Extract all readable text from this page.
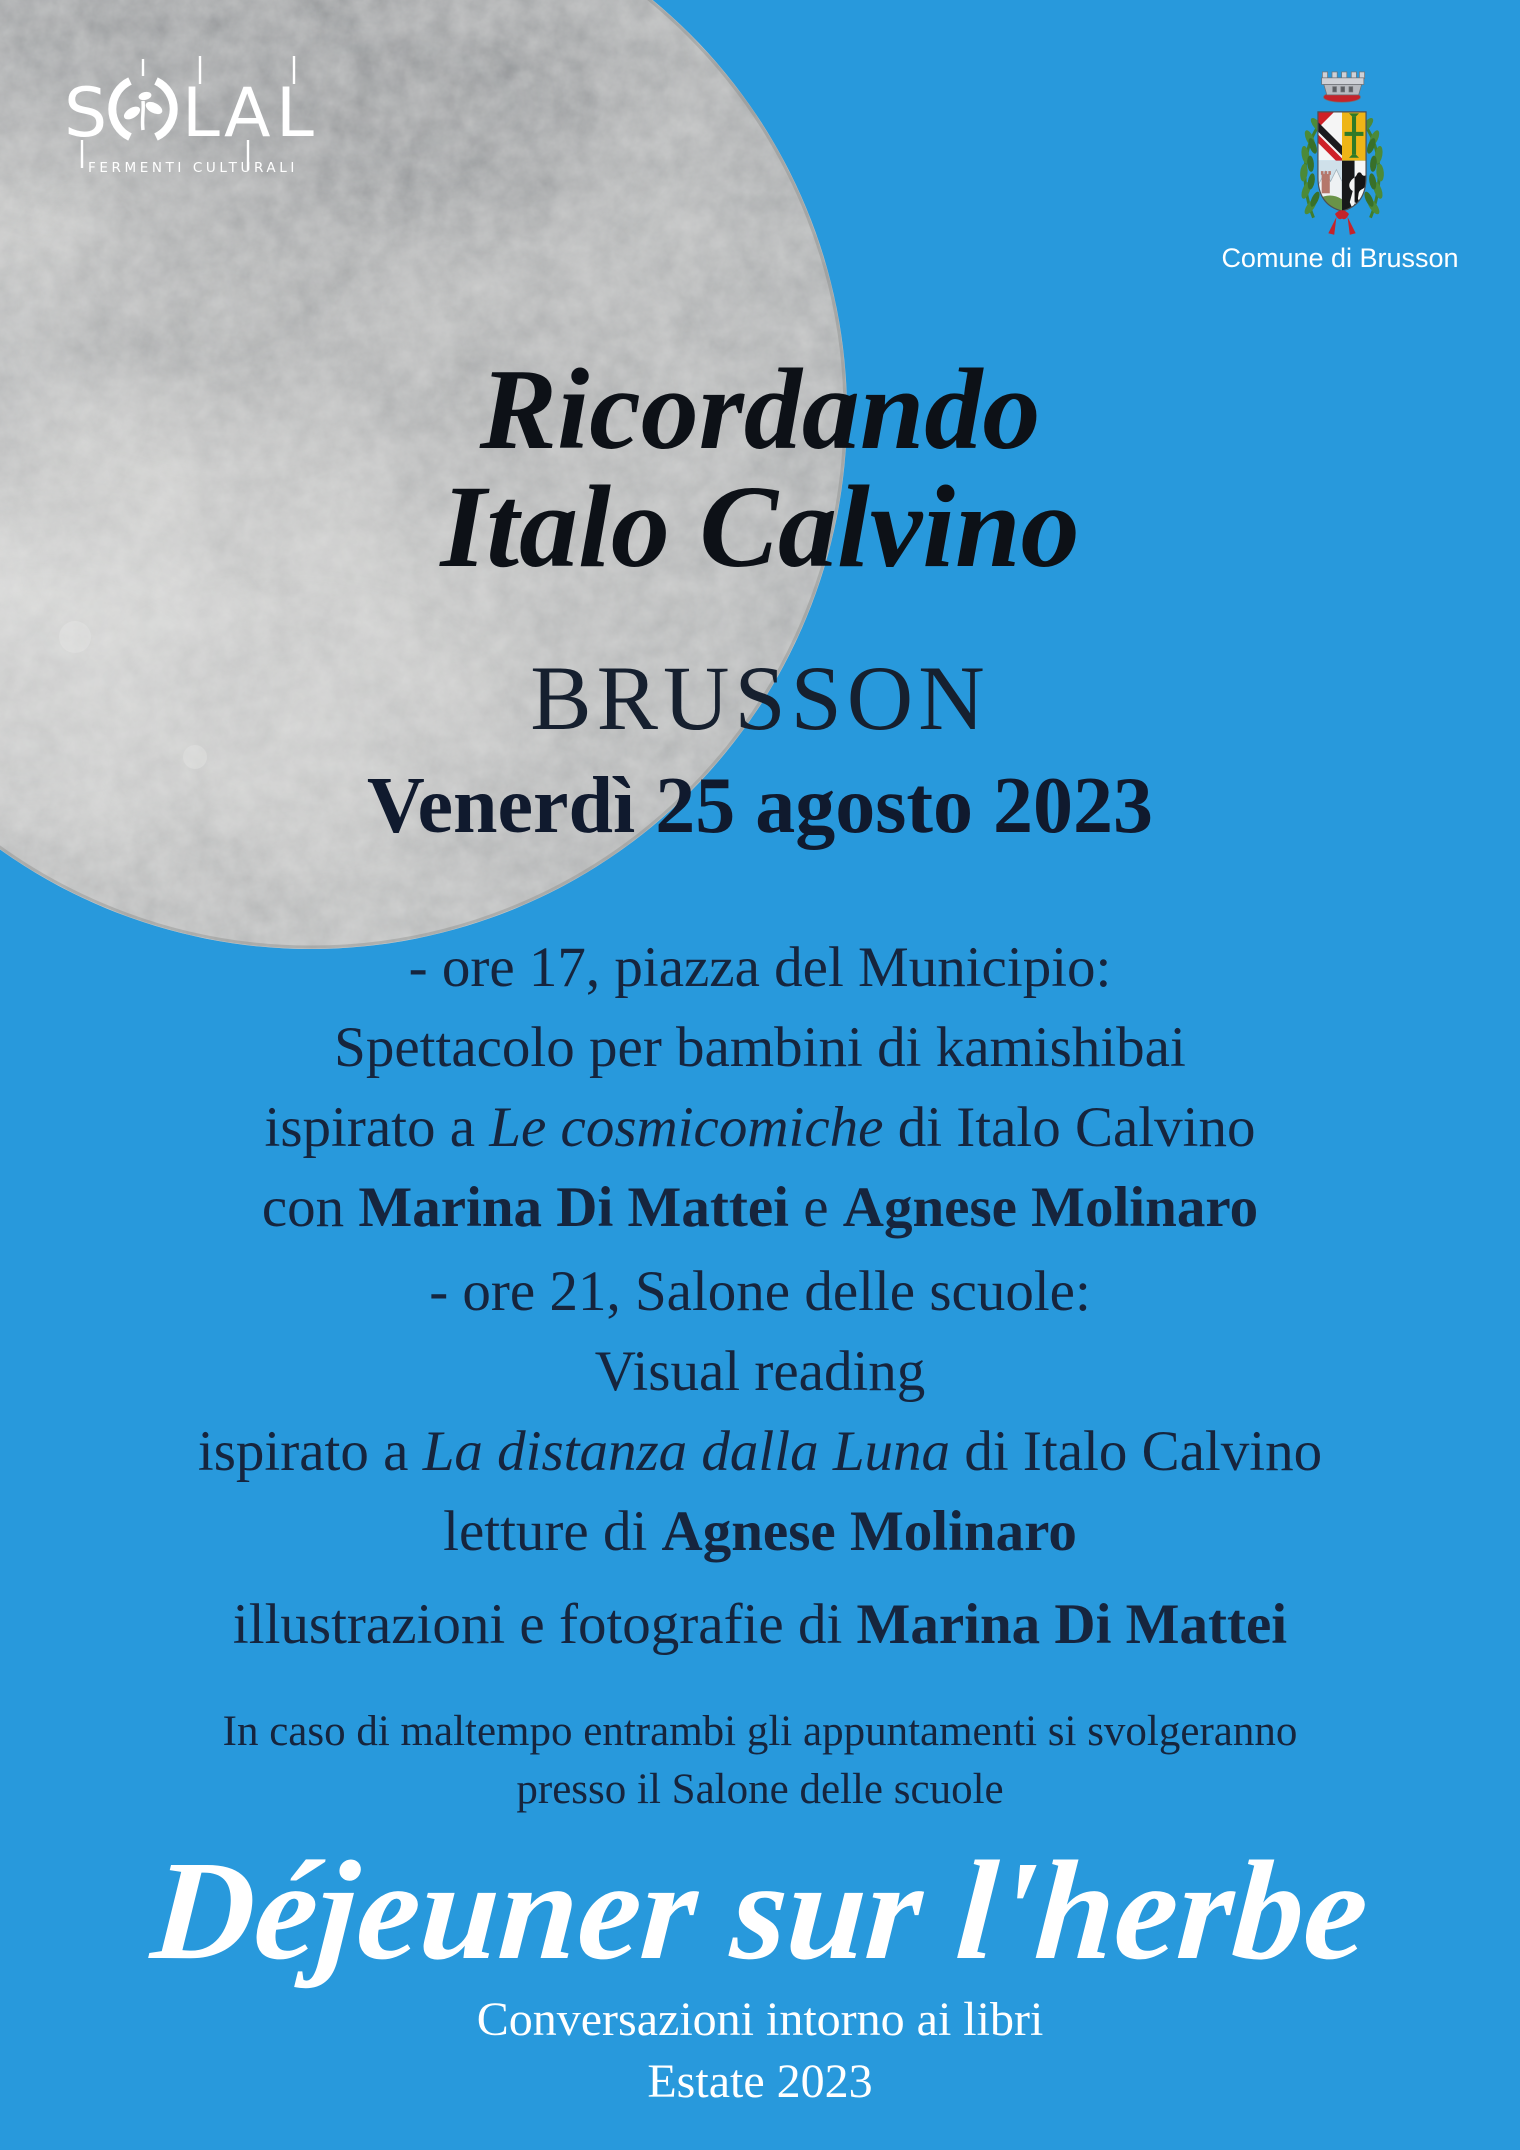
S L A L
FERMENTI CULTURALI
Comune di Brusson
Ricordando
Italo Calvino
BRUSSON
Venerdì 25 agosto 2023
- ore 17, piazza del Municipio:
Spettacolo per bambini di kamishibai
ispirato a Le cosmicomiche di Italo Calvino
con Marina Di Mattei e Agnese Molinaro
- ore 21, Salone delle scuole:
Visual reading
ispirato a La distanza dalla Luna di Italo Calvino
letture di Agnese Molinaro
illustrazioni e fotografie di Marina Di Mattei
In caso di maltempo entrambi gli appuntamenti si svolgeranno
presso il Salone delle scuole
Déjeuner sur l'herbe
Conversazioni intorno ai libri
Estate 2023
